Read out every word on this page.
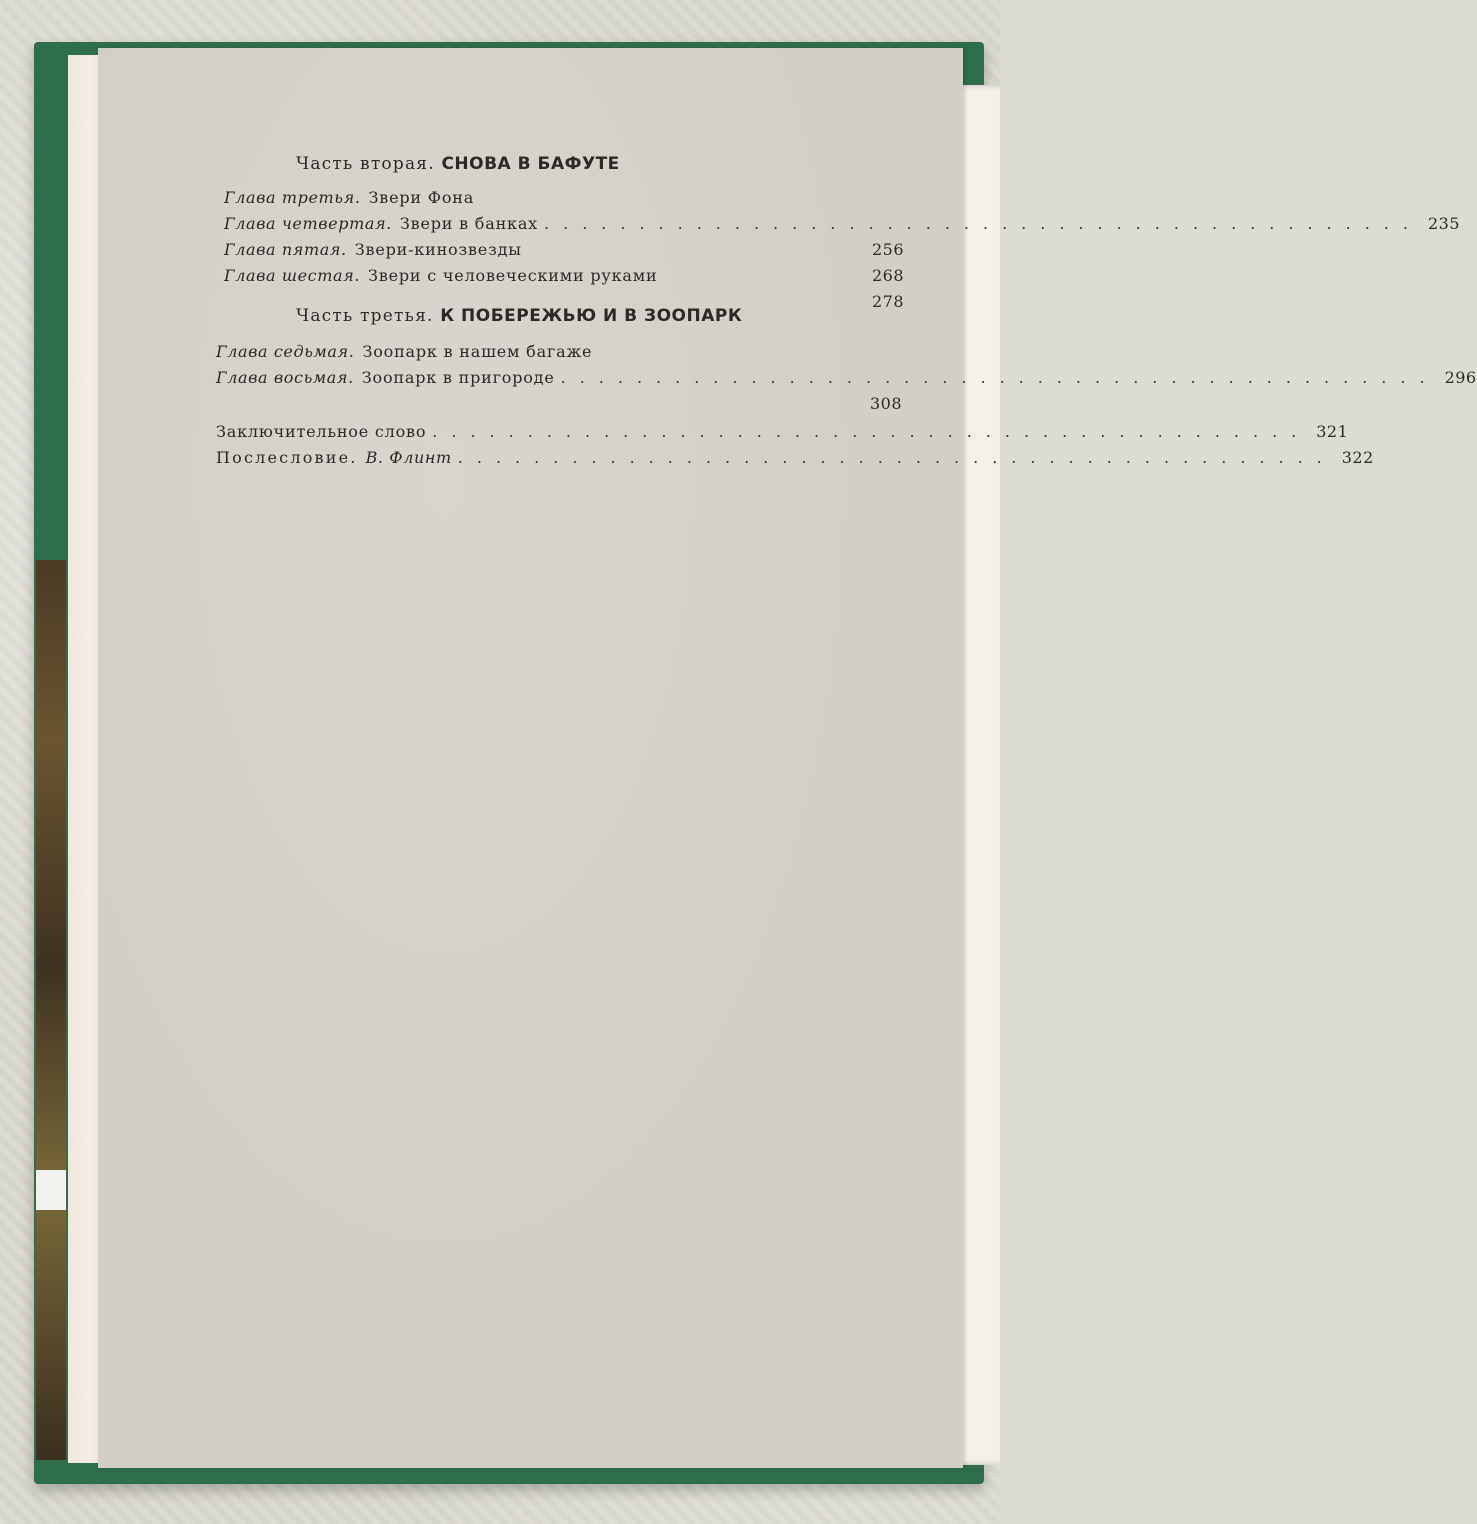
Часть вторая. СНОВА В БАФУТЕ
Глава третья. Звери Фона
Глава четвертая. Звери в банках .............................................. 235
Глава пятая. Звери-кинозвезды	256
Глава шестая. Звери с человеческими руками	268
278
Часть третья. К ПОБЕРЕЖЬЮ И В ЗООПАРК
Глава седьмая. Зоопарк в нашем багаже
Глава восьмая. Зоопарк в пригороде .............................................. 296
308
Заключительное слово .............................................. 321
Послесловие. В. Флинт .............................................. 322
